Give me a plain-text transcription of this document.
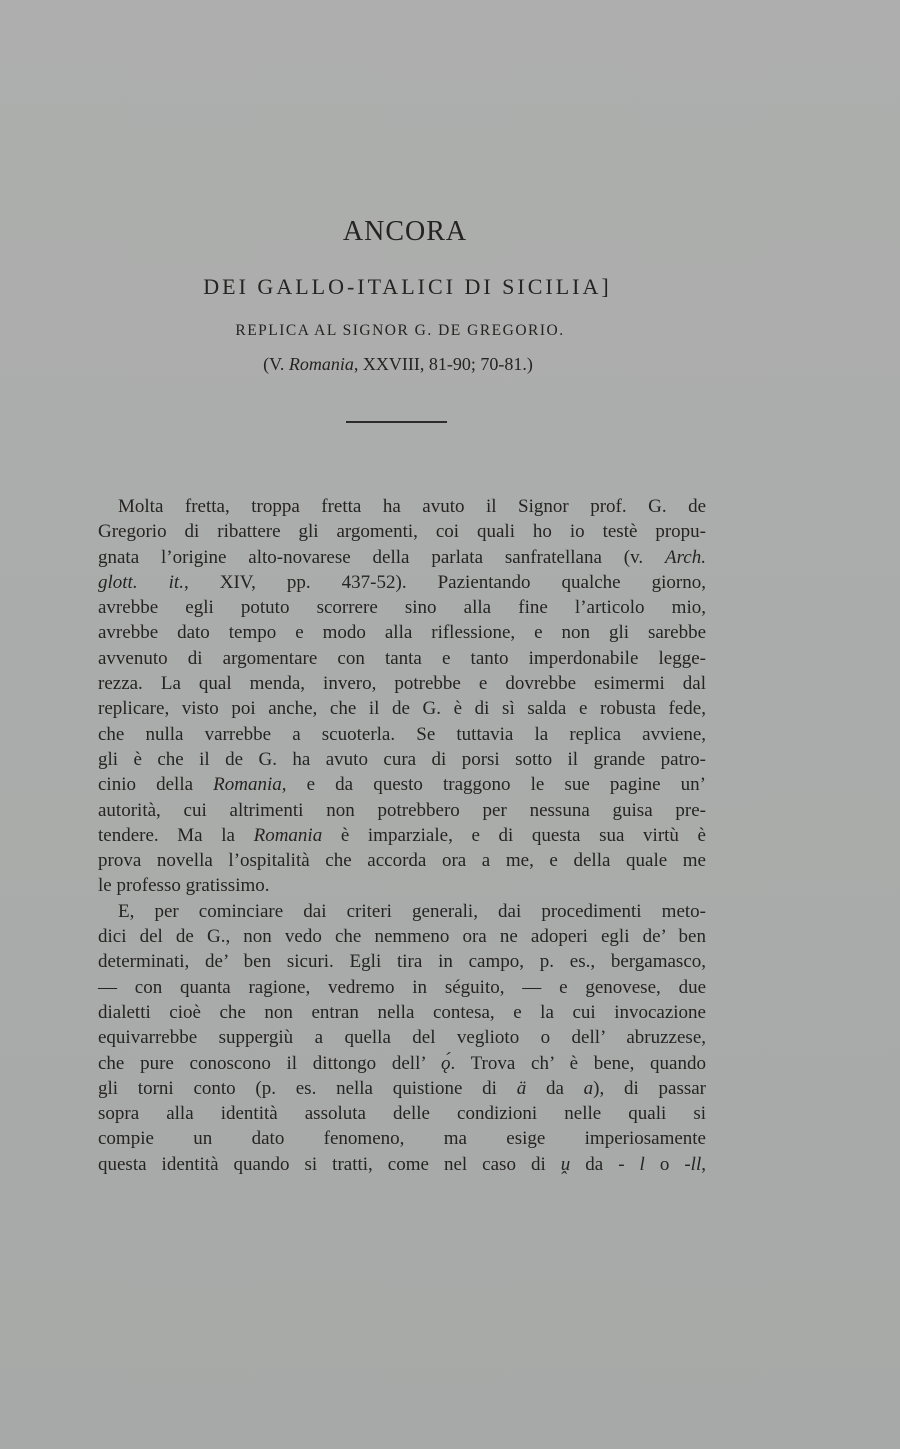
ANCORA
DEI GALLO-ITALICI DI SICILIA]
REPLICA AL SIGNOR G. DE GREGORIO.
(V. Romania, XXVIII, 81-90; 70-81.)
Molta fretta, troppa fretta ha avuto il Signor prof. G. de
Gregorio di ribattere gli argomenti, coi quali ho io testè propu-
gnata l’origine alto-novarese della parlata sanfratellana (v. Arch.
glott. it., XIV, pp. 437-52). Pazientando qualche giorno,
avrebbe egli potuto scorrere sino alla fine l’articolo mio,
avrebbe dato tempo e modo alla riflessione, e non gli sarebbe
avvenuto di argomentare con tanta e tanto imperdonabile legge-
rezza. La qual menda, invero, potrebbe e dovrebbe esimermi dal
replicare, visto poi anche, che il de G. è di sì salda e robusta fede,
che nulla varrebbe a scuoterla. Se tuttavia la replica avviene,
gli è che il de G. ha avuto cura di porsi sotto il grande patro-
cinio della Romania, e da questo traggono le sue pagine un’
autorità, cui altrimenti non potrebbero per nessuna guisa pre-
tendere. Ma la Romania è imparziale, e di questa sua virtù è
prova novella l’ospitalità che accorda ora a me, e della quale me
le professo gratissimo.
E, per cominciare dai criteri generali, dai procedimenti meto-
dici del de G., non vedo che nemmeno ora ne adoperi egli de’ ben
determinati, de’ ben sicuri. Egli tira in campo, p. es., bergamasco,
— con quanta ragione, vedremo in séguito, — e genovese, due
dialetti cioè che non entran nella contesa, e la cui invocazione
equivarrebbe suppergiù a quella del veglioto o dell’ abruzzese,
che pure conoscono il dittongo dell’ ǫ́. Trova ch’ è bene, quando
gli torni conto (p. es. nella quistione di ä da a), di passar
sopra alla identità assoluta delle condizioni nelle quali si
compie un dato fenomeno, ma esige imperiosamente
questa identità quando si tratti, come nel caso di ṷ da - l o -ll,
